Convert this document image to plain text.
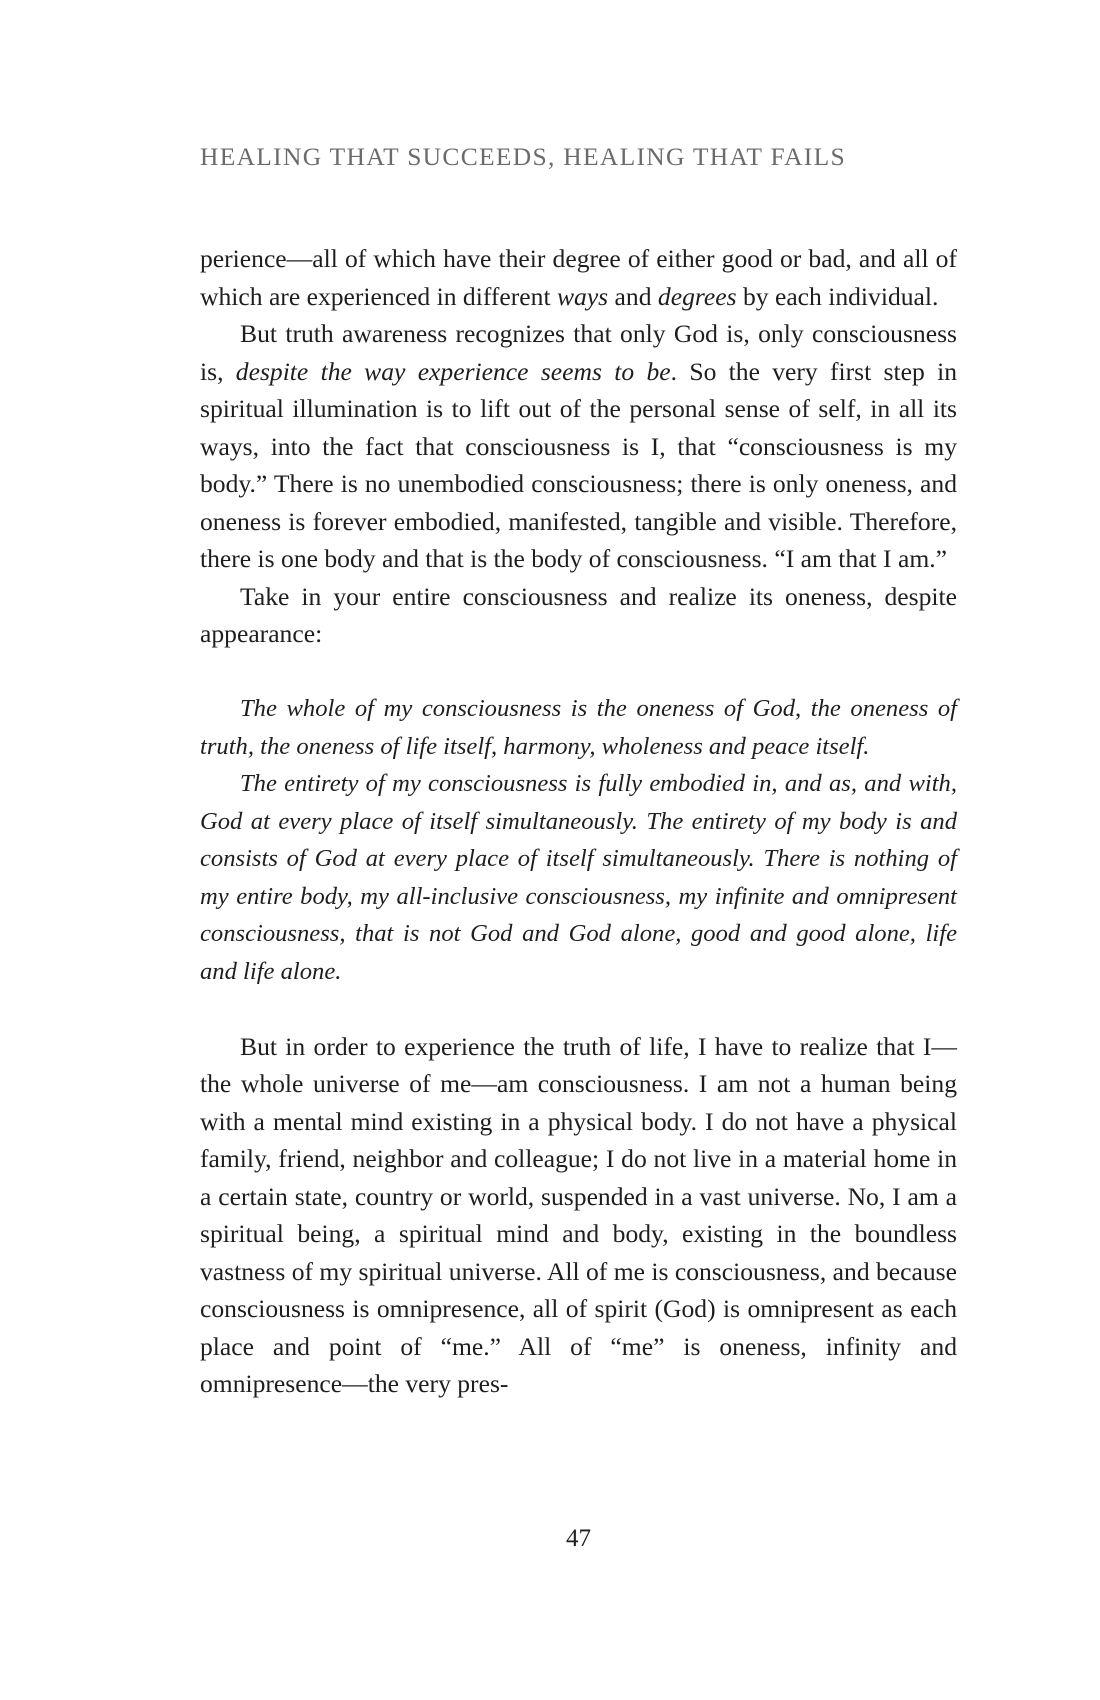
HEALING THAT SUCCEEDS, HEALING THAT FAILS

perience—all of which have their degree of either good or bad, and all of which are experienced in different ways and degrees by each individual.

But truth awareness recognizes that only God is, only consciousness is, despite the way experience seems to be. So the very first step in spiritual illumination is to lift out of the personal sense of self, in all its ways, into the fact that consciousness is I, that “consciousness is my body.” There is no unembodied consciousness; there is only oneness, and oneness is forever embodied, manifested, tangible and visible. Therefore, there is one body and that is the body of consciousness. “I am that I am.”

Take in your entire consciousness and realize its oneness, despite appearance:

The whole of my consciousness is the oneness of God, the oneness of truth, the oneness of life itself, harmony, wholeness and peace itself.

The entirety of my consciousness is fully embodied in, and as, and with, God at every place of itself simultaneously. The entirety of my body is and consists of God at every place of itself simultaneously. There is nothing of my entire body, my all-inclusive consciousness, my infinite and omnipresent consciousness, that is not God and God alone, good and good alone, life and life alone.

But in order to experience the truth of life, I have to realize that I—the whole universe of me—am consciousness. I am not a human being with a mental mind existing in a physical body. I do not have a physical family, friend, neighbor and colleague; I do not live in a material home in a certain state, country or world, suspended in a vast universe. No, I am a spiritual being, a spiritual mind and body, existing in the boundless vastness of my spiritual universe. All of me is consciousness, and because consciousness is omnipresence, all of spirit (God) is omnipresent as each place and point of “me.” All of “me” is oneness, infinity and omnipresence—the very pres-

47
